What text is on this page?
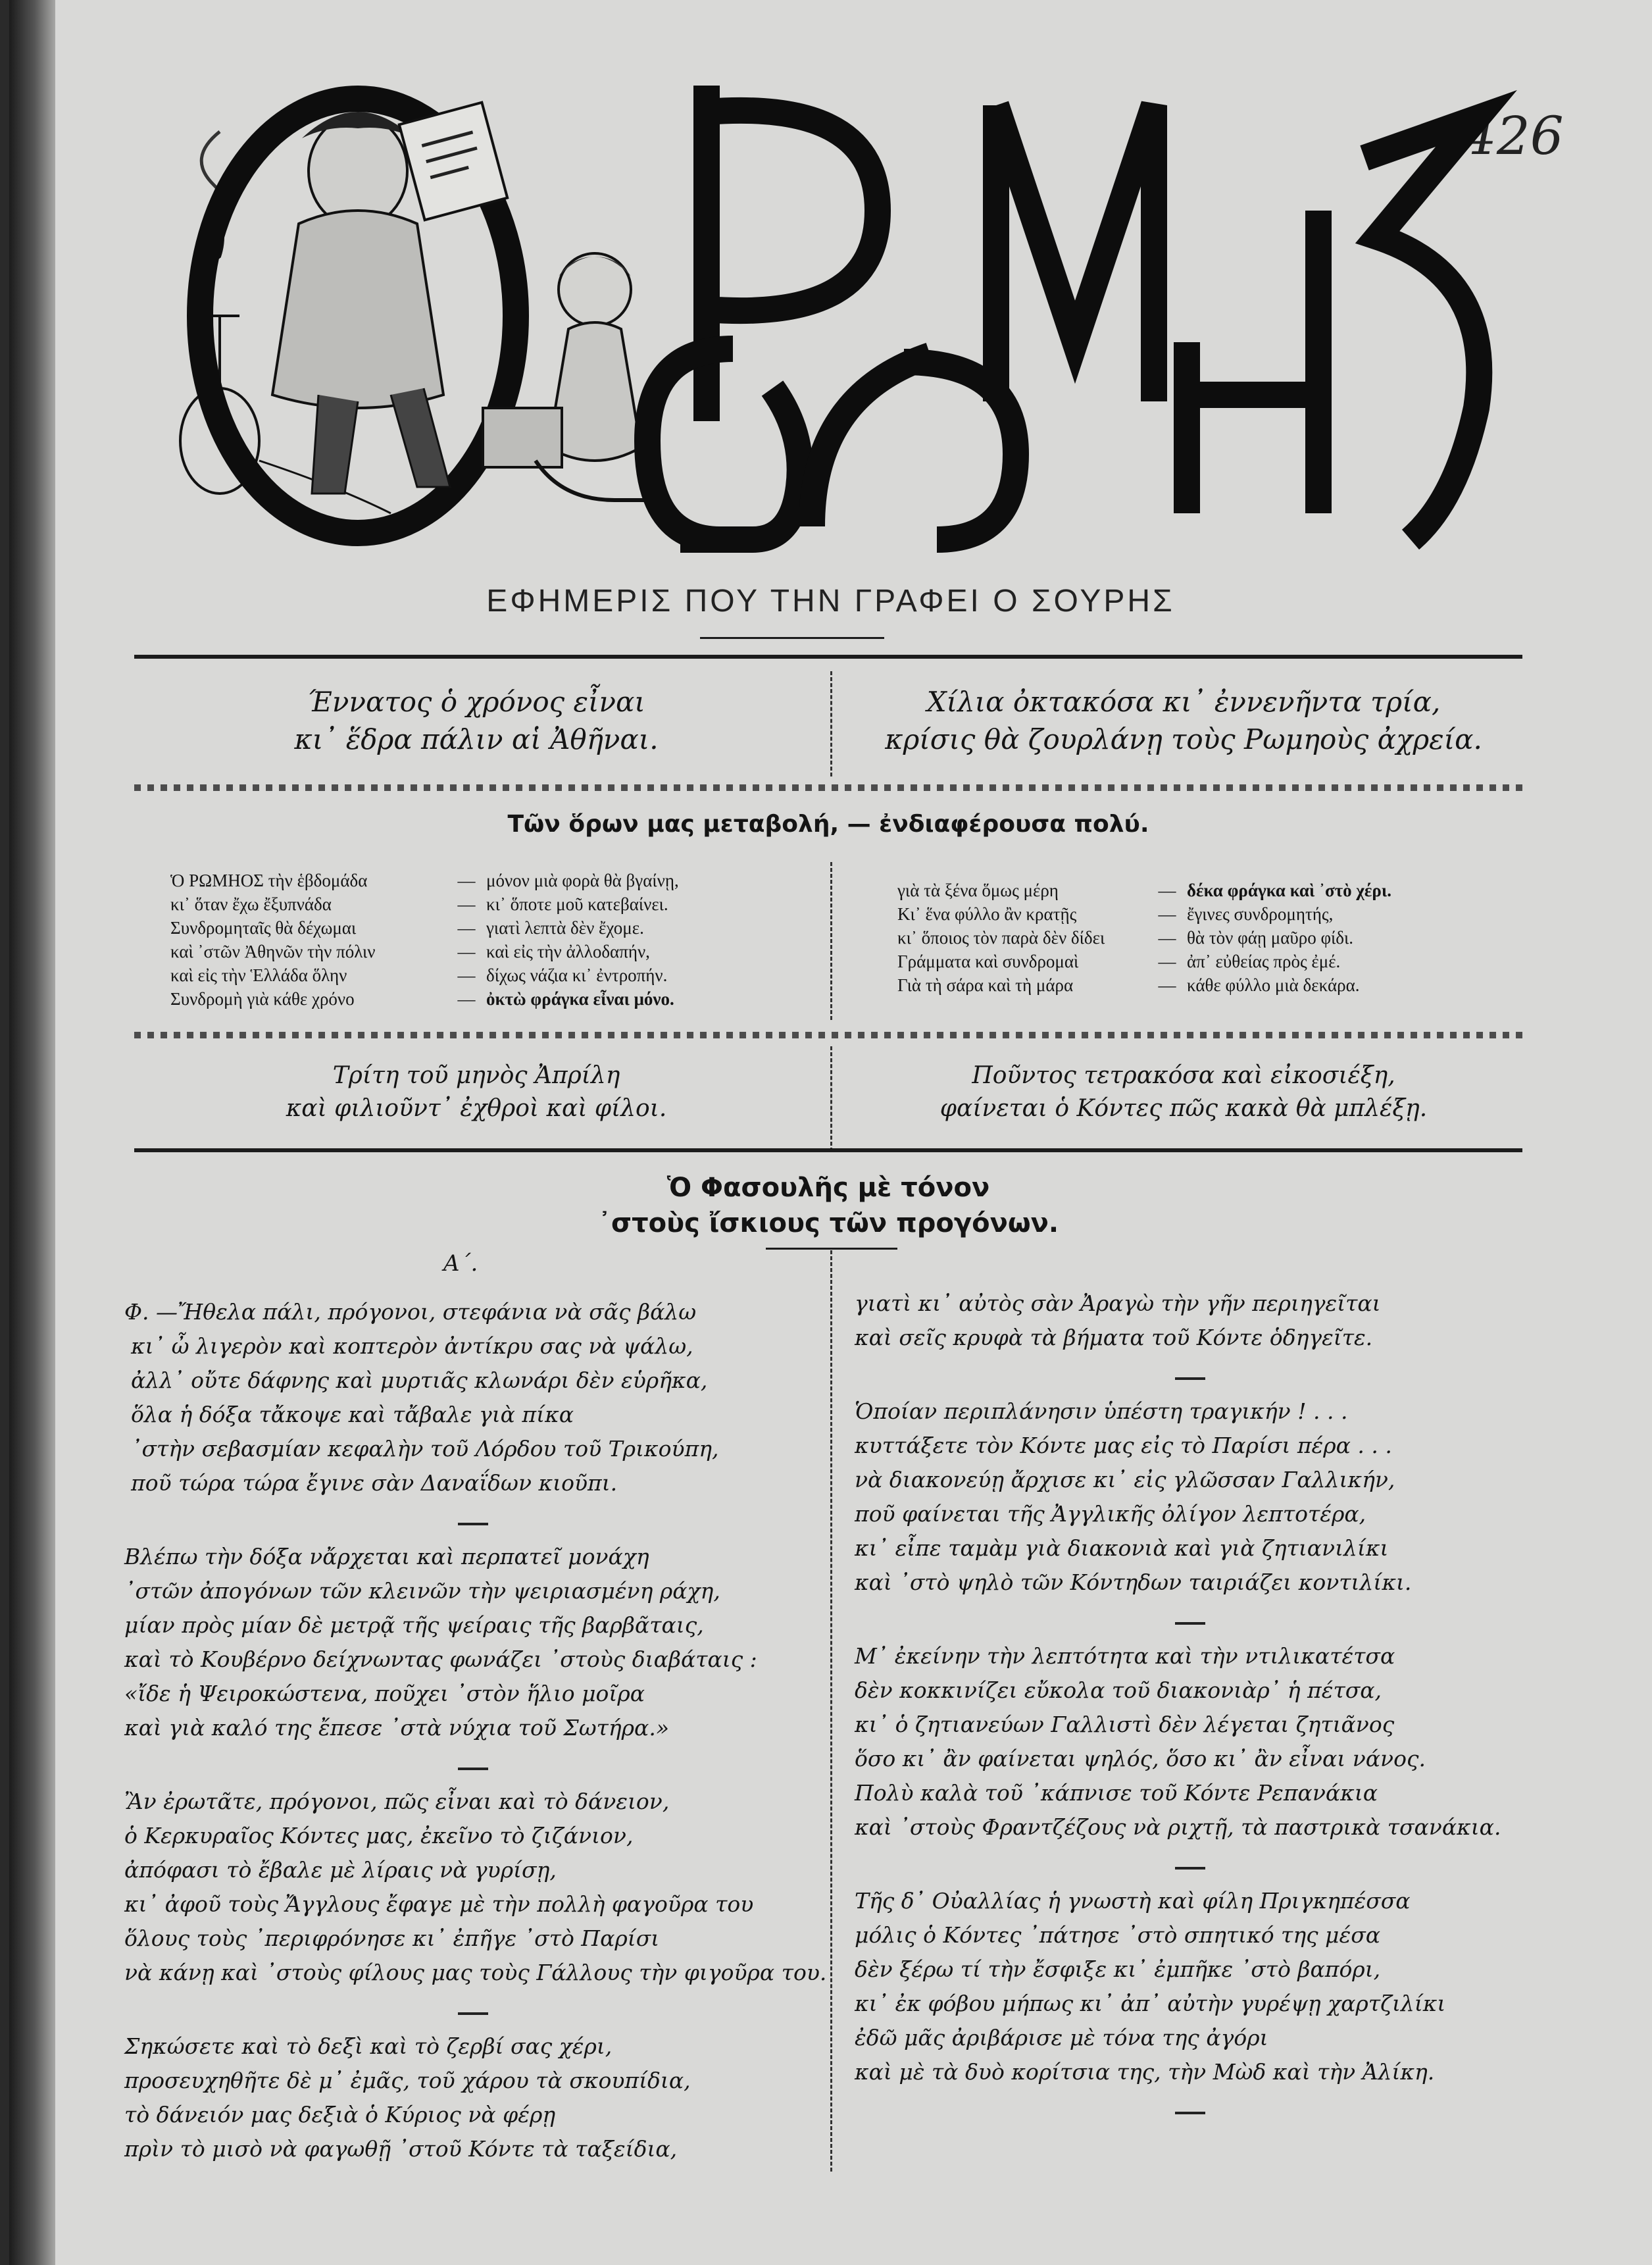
426
ΕΦΗΜΕΡΙΣ ΠΟΥ ΤΗΝ ΓΡΑΦΕΙ Ο ΣΟΥΡΗΣ
Έννατος ὁ χρόνος εἶναι
κι᾿ ἕδρα πάλιν αἱ Ἀθῆναι.
Χίλια ὀκτακόσα κι᾿ ἐννενῆντα τρία,
κρίσις θὰ ζουρλάνῃ τοὺς Ρωμηοὺς ἀχρεία.
Τῶν ὅρων μας μεταβολή, — ἐνδιαφέρουσα πολύ.
Ὁ ΡΩΜΗΟΣ τὴν ἑβδομάδα	— μόνον μιὰ φορὰ θὰ βγαίνῃ,
κι᾿ ὅταν ἔχω ἔξυπνάδα	— κι᾿ ὅποτε μοῦ κατεβαίνει.
Συνδρομηταῖς θὰ δέχωμαι	— γιατὶ λεπτὰ δὲν ἔχομε.
καὶ ᾿στῶν Ἀθηνῶν τὴν πόλιν	— καὶ εἰς τὴν ἀλλοδαπήν,
καὶ εἰς τὴν Ἑλλάδα ὅλην	— δίχως νάζια κι᾿ ἐντροπήν.
Συνδρομὴ γιὰ κάθε χρόνο	— ὀκτὼ φράγκα εἶναι μόνο.
γιὰ τὰ ξένα ὅμως μέρη	— δέκα φράγκα καὶ ᾿στὸ χέρι.
Κι᾿ ἕνα φύλλο ἂν κρατῇς	— ἔγινες συνδρομητής,
κι᾿ ὅποιος τὸν παρὰ δὲν δίδει	— θὰ τὸν φάῃ μαῦρο φίδι.
Γράμματα καὶ συνδρομαὶ	— ἀπ᾿ εὐθείας πρὸς ἐμέ.
Γιὰ τὴ σάρα καὶ τὴ μάρα	— κάθε φύλλο μιὰ δεκάρα.
Τρίτη τοῦ μηνὸς Ἀπρίλη
καὶ φιλιοῦντ᾿ ἐχθροὶ καὶ φίλοι.
Ποῦντος τετρακόσα καὶ εἰκοσιέξη,
φαίνεται ὁ Κόντες πῶς κακὰ θὰ μπλέξῃ.
Ὁ Φασουλῆς μὲ τόνον
᾿στοὺς ἴσκιους τῶν προγόνων.
Α΄.
Φ. —Ἤθελα πάλι, πρόγονοι, στεφάνια νὰ σᾶς βάλω
κι᾿ ὦ λιγερὸν καὶ κοπτερὸν ἀντίκρυ σας νὰ ψάλω,
ἀλλ᾿ οὔτε δάφνης καὶ μυρτιᾶς κλωνάρι δὲν εὑρῆκα,
ὅλα ἡ δόξα τἄκοψε καὶ τἄβαλε γιὰ πίκα
᾿στὴν σεβασμίαν κεφαλὴν τοῦ Λόρδου τοῦ Τρικούπη,
ποῦ τώρα τώρα ἔγινε σὰν Δαναΐδων κιοῦπι.
Βλέπω τὴν δόξα νἄρχεται καὶ περπατεῖ μονάχη
᾿στῶν ἀπογόνων τῶν κλεινῶν τὴν ψειριασμένη ράχη,
μίαν πρὸς μίαν δὲ μετρᾷ τῆς ψείραις τῆς βαρβᾶταις,
καὶ τὸ Κουβέρνο δείχνωντας φωνάζει ᾿στοὺς διαβάταις :
«ἴδε ἡ Ψειροκώστενα, ποῦχει ᾿στὸν ἥλιο μοῖρα
καὶ γιὰ καλό της ἔπεσε ᾿στὰ νύχια τοῦ Σωτήρα.»
Ἂν ἐρωτᾶτε, πρόγονοι, πῶς εἶναι καὶ τὸ δάνειον,
ὁ Κερκυραῖος Κόντες μας, ἐκεῖνο τὸ ζιζάνιον,
ἀπόφασι τὸ ἔβαλε μὲ λίραις νὰ γυρίσῃ,
κι᾿ ἀφοῦ τοὺς Ἄγγλους ἔφαγε μὲ τὴν πολλὴ φαγοῦρα του
ὅλους τοὺς ᾿περιφρόνησε κι᾿ ἐπῆγε ᾿στὸ Παρίσι
νὰ κάνῃ καὶ ᾿στοὺς φίλους μας τοὺς Γάλλους τὴν φιγοῦρα του.
Σηκώσετε καὶ τὸ δεξὶ καὶ τὸ ζερβί σας χέρι,
προσευχηθῆτε δὲ μ᾿ ἐμᾶς, τοῦ χάρου τὰ σκουπίδια,
τὸ δάνειόν μας δεξιὰ ὁ Κύριος νὰ φέρῃ
πρὶν τὸ μισὸ νὰ φαγωθῇ ᾿στοῦ Κόντε τὰ ταξείδια,
γιατὶ κι᾿ αὐτὸς σὰν Ἀραγὼ τὴν γῆν περιηγεῖται
καὶ σεῖς κρυφὰ τὰ βήματα τοῦ Κόντε ὁδηγεῖτε.
Ὁποίαν περιπλάνησιν ὑπέστη τραγικήν ! . . .
κυττάξετε τὸν Κόντε μας εἰς τὸ Παρίσι πέρα . . .
νὰ διακονεύῃ ἄρχισε κι᾿ εἰς γλῶσσαν Γαλλικήν,
ποῦ φαίνεται τῆς Ἀγγλικῆς ὀλίγον λεπτοτέρα,
κι᾿ εἶπε ταμὰμ γιὰ διακονιὰ καὶ γιὰ ζητιανιλίκι
καὶ ᾿στὸ ψηλὸ τῶν Κόντηδων ταιριάζει κοντιλίκι.
Μ᾿ ἐκείνην τὴν λεπτότητα καὶ τὴν ντιλικατέτσα
δὲν κοκκινίζει εὔκολα τοῦ διακονιὰρ᾿ ἡ πέτσα,
κι᾿ ὁ ζητιανεύων Γαλλιστὶ δὲν λέγεται ζητιᾶνος
ὅσο κι᾿ ἂν φαίνεται ψηλός, ὅσο κι᾿ ἂν εἶναι νάνος.
Πολὺ καλὰ τοῦ ᾿κάπνισε τοῦ Κόντε Ρεπανάκια
καὶ ᾿στοὺς Φραντζέζους νὰ ριχτῇ, τὰ παστρικὰ τσανάκια.
Τῆς δ᾿ Οὐαλλίας ἡ γνωστὴ καὶ φίλη Πριγκηπέσσα
μόλις ὁ Κόντες ᾿πάτησε ᾿στὸ σπητικό της μέσα
δὲν ξέρω τί τὴν ἔσφιξε κι᾿ ἐμπῆκε ᾿στὸ βαπόρι,
κι᾿ ἐκ φόβου μήπως κι᾿ ἀπ᾿ αὐτὴν γυρέψῃ χαρτζιλίκι
ἐδῶ μᾶς ἀριβάρισε μὲ τόνα της ἀγόρι
καὶ μὲ τὰ δυὸ κορίτσια της, τὴν Μὼδ καὶ τὴν Ἀλίκη.
